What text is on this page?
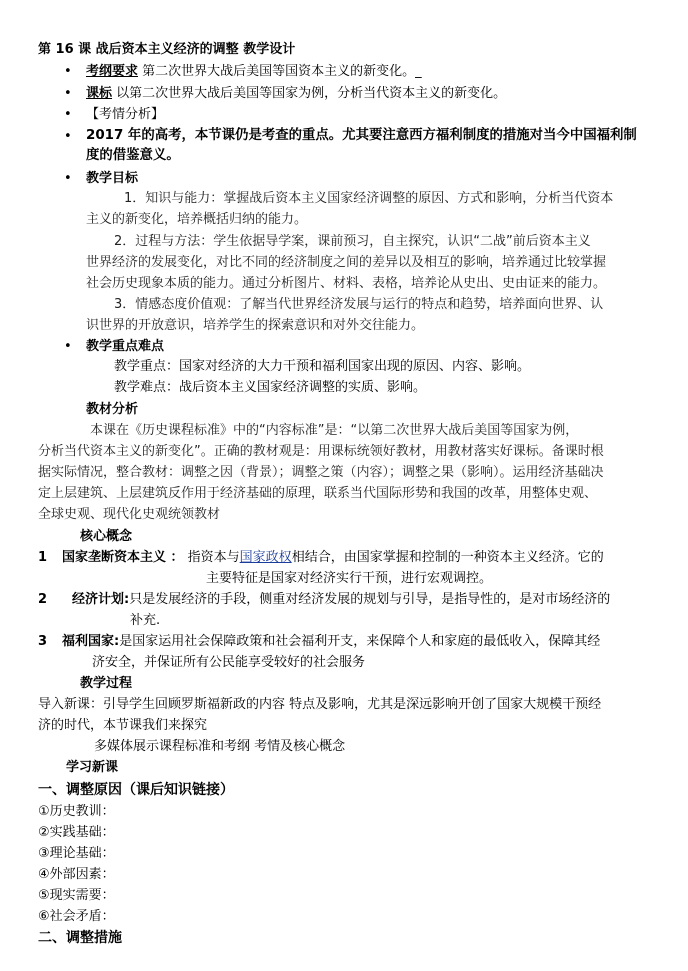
第 16 课 战后资本主义经济的调整 教学设计
• 考纲要求 第二次世界大战后美国等国资本主义的新变化。_
• 课标 以第二次世界大战后美国等国家为例，分析当代资本主义的新变化。
• 【考情分析】
• 2017 年的高考，本节课仍是考查的重点。尤其要注意西方福利制度的措施对当今中国福利制
度的借鉴意义。
• 教学目标
1．知识与能力：掌握战后资本主义国家经济调整的原因、方式和影响，分析当代资本
主义的新变化，培养概括归纳的能力。
2．过程与方法：学生依据导学案，课前预习，自主探究，认识“二战”前后资本主义
世界经济的发展变化，对比不同的经济制度之间的差异以及相互的影响，培养通过比较掌握
社会历史现象本质的能力。通过分析图片、材料、表格，培养论从史出、史由证来的能力。
3．情感态度价值观：了解当代世界经济发展与运行的特点和趋势，培养面向世界、认
识世界的开放意识，培养学生的探索意识和对外交往能力。
• 教学重点难点
教学重点：国家对经济的大力干预和福利国家出现的原因、内容、影响。
教学难点：战后资本主义国家经济调整的实质、影响。
教材分析
本课在《历史课程标准》中的“内容标准”是：“以第二次世界大战后美国等国家为例，
分析当代资本主义的新变化”。正确的教材观是：用课标统领好教材，用教材落实好课标。备课时根
据实际情况，整合教材：调整之因（背景）；调整之策（内容）；调整之果（影响）。运用经济基础决
定上层建筑、上层建筑反作用于经济基础的原理，联系当代国际形势和我国的改革，用整体史观、
全球史观、现代化史观统领教材
核心概念
1 国家垄断资本主义 ： 指资本与国家政权相结合，由国家掌握和控制的一种资本主义经济。它的
主要特征是国家对经济实行干预，进行宏观调控。
2 经济计划:只是发展经济的手段，侧重对经济发展的规划与引导，是指导性的，是对市场经济的
补充.
3 福利国家:是国家运用社会保障政策和社会福利开支，来保障个人和家庭的最低收入，保障其经
济安全，并保证所有公民能享受较好的社会服务
教学过程
导入新课：引导学生回顾罗斯福新政的内容 特点及影响，尤其是深远影响开创了国家大规模干预经
济的时代，本节课我们来探究
多媒体展示课程标准和考纲 考情及核心概念
学习新课
一、调整原因（课后知识链接）
①历史教训：
②实践基础：
③理论基础：
④外部因素：
⑤现实需要：
⑥社会矛盾：
二、调整措施
